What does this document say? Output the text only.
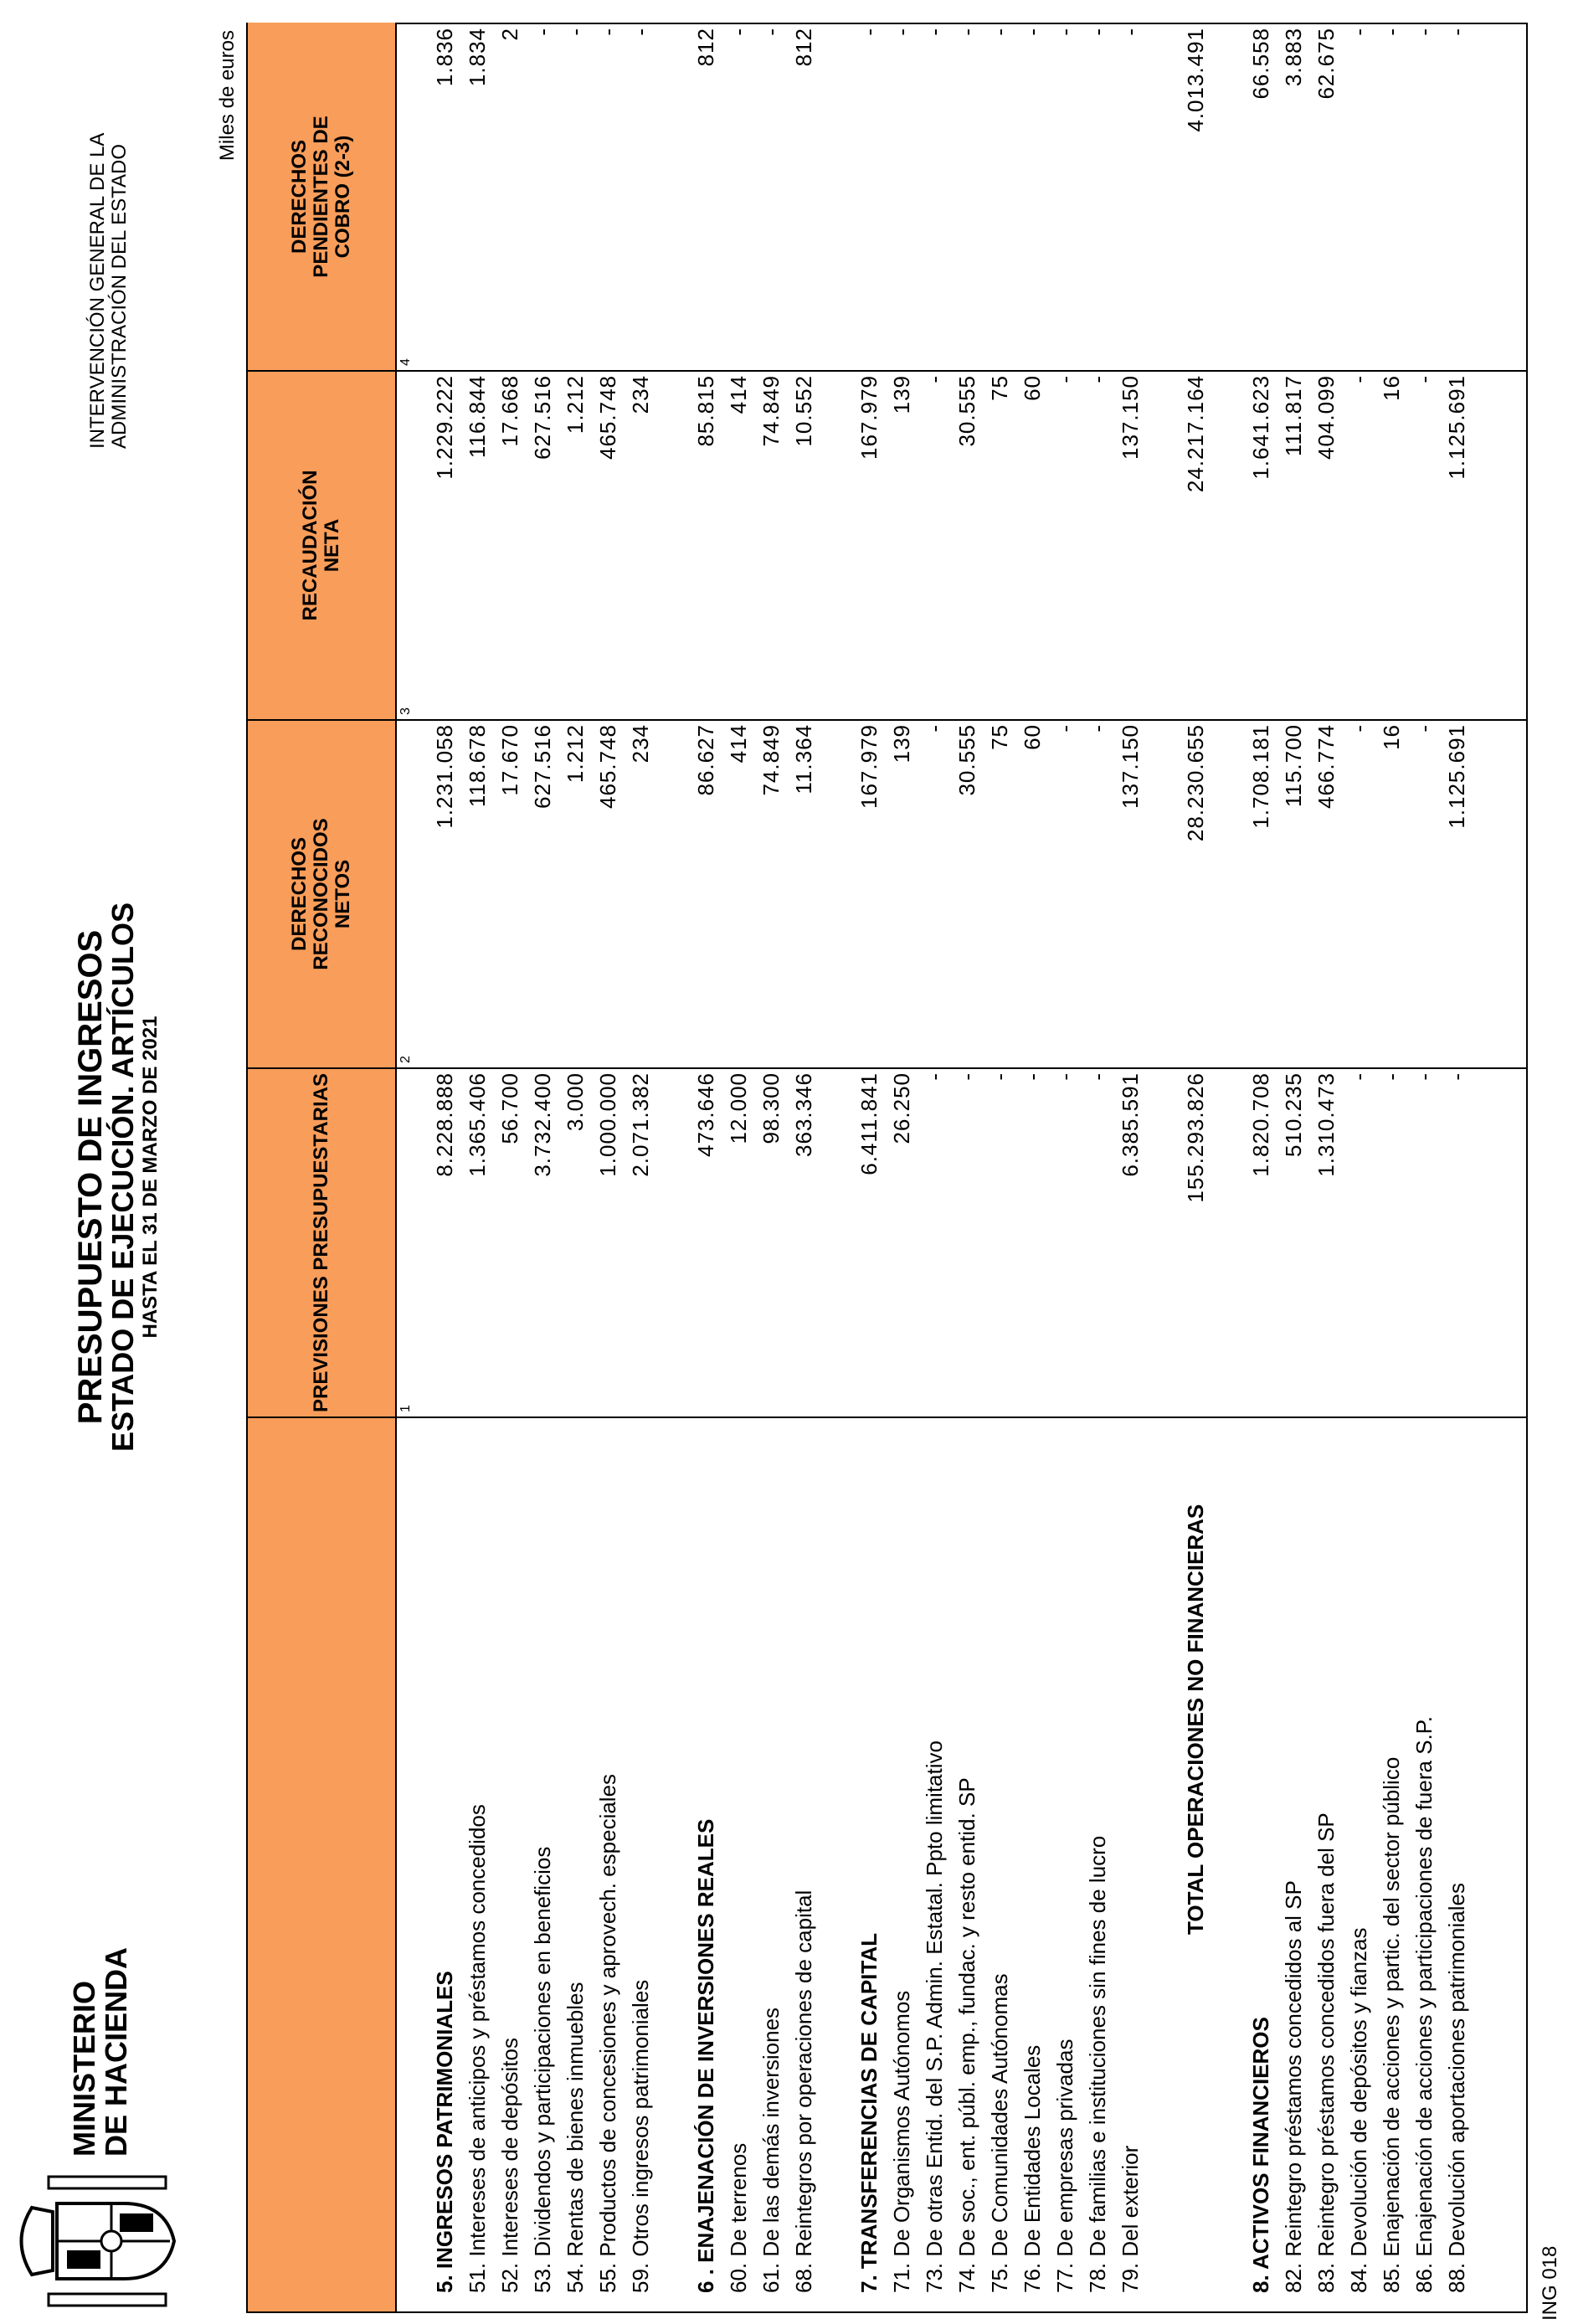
MINISTERIO
DE HACIENDA
PRESUPUESTO DE INGRESOS
ESTADO DE EJECUCIÓN. ARTÍCULOS HASTA EL 31 DE MARZO DE 2021
INTERVENCIÓN GENERAL DE LA ADMINISTRACIÓN DEL ESTADO
Miles de euros
ING 018
PREVISIONES PRESUPUESTARIAS
DERECHOS RECONOCIDOS NETOS
RECAUDACIÓN NETA
DERECHOS PENDIENTES DE COBRO (2-3)
1
2
3
4
5. INGRESOS PATRIMONIALES
8.228.888
1.231.058
1.229.222
1.836
51. Intereses de anticipos y préstamos concedidos
1.365.406
118.678
116.844
1.834
52. Intereses de depósitos
56.700
17.670
17.668
2
53. Dividendos y participaciones en beneficios
3.732.400
627.516
627.516
-
54. Rentas de bienes inmuebles
3.000
1.212
1.212
-
55. Productos de concesiones y aprovech. especiales
1.000.000
465.748
465.748
-
59. Otros ingresos patrimoniales
2.071.382
234
234
-
6 . ENAJENACIÓN DE INVERSIONES REALES
473.646
86.627
85.815
812
60. De terrenos
12.000
414
414
-
61. De las demás inversiones
98.300
74.849
74.849
-
68. Reintegros por operaciones de capital
363.346
11.364
10.552
812
7. TRANSFERENCIAS DE CAPITAL
6.411.841
167.979
167.979
-
71. De Organismos Autónomos
26.250
139
139
-
73. De otras Entid. del S.P. Admin. Estatal. Ppto limitativo
-
-
-
-
74. De soc., ent. públ. emp., fundac. y resto entid. SP
-
30.555
30.555
-
75. De Comunidades Autónomas
-
75
75
-
76. De Entidades Locales
-
60
60
-
77. De empresas privadas
-
-
-
-
78. De familias e instituciones sin fines de lucro
-
-
-
-
79. Del exterior
6.385.591
137.150
137.150
-
TOTAL OPERACIONES NO FINANCIERAS
155.293.826
28.230.655
24.217.164
4.013.491
8. ACTIVOS FINANCIEROS
1.820.708
1.708.181
1.641.623
66.558
82. Reintegro préstamos concedidos al SP
510.235
115.700
111.817
3.883
83. Reintegro préstamos concedidos fuera del SP
1.310.473
466.774
404.099
62.675
84. Devolución de depósitos y fianzas
-
-
-
-
85. Enajenación de acciones y partic. del sector público
-
16
16
-
86. Enajenación de acciones y participaciones de fuera S.P.
-
-
-
-
88. Devolución aportaciones patrimoniales
-
1.125.691
1.125.691
-
